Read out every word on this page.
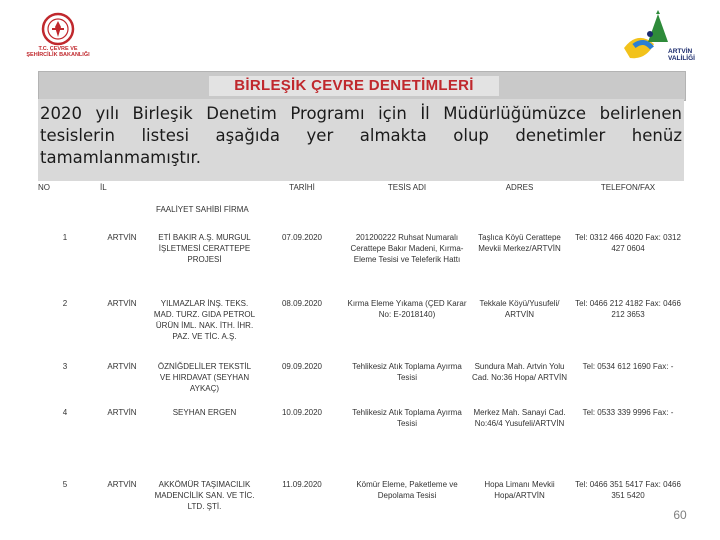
T.C. ÇEVRE VE
ŞEHİRCİLİK BAKANLIĞI	ARTVİN
VALİLİĞİ
BİRLEŞİK ÇEVRE DENETİMLERİ
2020 yılı Birleşik Denetim Programı için İl Müdürlüğümüzce belirlenen tesislerin listesi aşağıda yer almakta olup denetimler henüz tamamlanmamıştır.
NO	İL		TARİHİ	TESİS ADI	ADRES	TELEFON/FAX
FAALİYET SAHİBİ FİRMA						
1	ARTVİN	ETİ BAKIR A.Ş. MURGUL İŞLETMESİ CERATTEPE PROJESİ	07.09.2020	201200222 Ruhsat Numaralı Cerattepe Bakır Madeni, Kırma-Eleme Tesisi ve Teleferik Hattı	Taşlıca Köyü Cerattepe Mevkii Merkez/ARTVİN	Tel: 0312 466 4020 Fax: 0312 427 0604
2	ARTVİN	YILMAZLAR İNŞ. TEKS. MAD. TURZ. GIDA PETROL ÜRÜN İML. NAK. İTH. İHR. PAZ. VE TİC. A.Ş.	08.09.2020	Kırma Eleme Yıkama (ÇED Karar No: E-2018140)	Tekkale Köyü/Yusufeli/ ARTVİN	Tel: 0466 212 4182 Fax: 0466 212 3653
3	ARTVİN	ÖZNİĞDELİLER TEKSTİL VE HIRDAVAT (SEYHAN AYKAÇ)	09.09.2020	Tehlikesiz Atık Toplama Ayırma Tesisi	Sundura Mah. Artvin Yolu Cad. No:36 Hopa/ ARTVİN	Tel: 0534 612 1690 Fax: -
4	ARTVİN	SEYHAN ERGEN	10.09.2020	Tehlikesiz Atık Toplama Ayırma Tesisi	Merkez Mah. Sanayi Cad. No:46/4 Yusufeli/ARTVİN	Tel: 0533 339 9996 Fax: -
5	ARTVİN	AKKÖMÜR TAŞIMACILIK MADENCİLİK SAN. VE TİC. LTD. ŞTİ.	11.09.2020	Kömür Eleme, Paketleme ve Depolama Tesisi	Hopa Limanı Mevkii Hopa/ARTVİN	Tel: 0466 351 5417 Fax: 0466 351 5420
60
